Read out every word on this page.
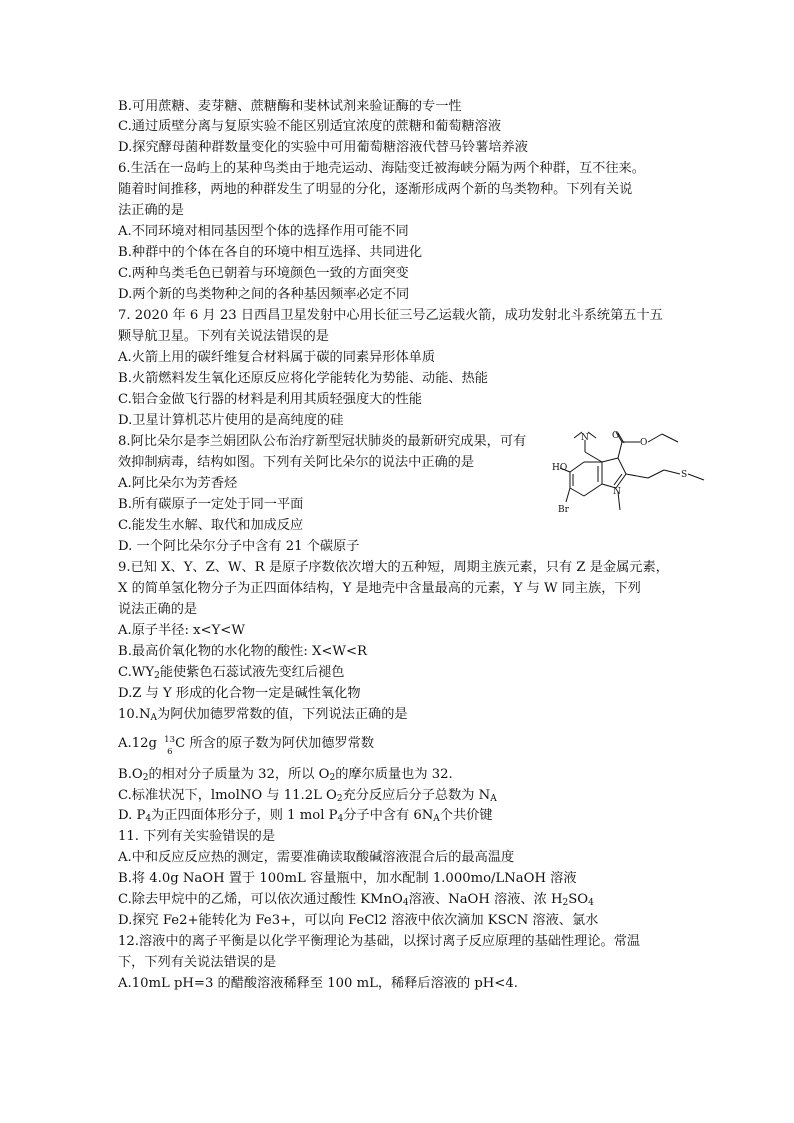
B.可用蔗糖、麦芽糖、蔗糖酶和斐林试剂来验证酶的专一性
C.通过质壁分离与复原实验不能区别适宜浓度的蔗糖和葡萄糖溶液
D.探究酵母菌种群数量变化的实验中可用葡萄糖溶液代替马铃薯培养液
6.生活在一岛屿上的某种鸟类由于地壳运动、海陆变迁被海峡分隔为两个种群，互不往来。
随着时间推移，两地的种群发生了明显的分化，逐渐形成两个新的鸟类物种。下列有关说
法正确的是
A.不同环境对相同基因型个体的选择作用可能不同
B.种群中的个体在各自的环境中相互选择、共同进化
C.两种鸟类毛色已朝着与环境颜色一致的方面突变
D.两个新的鸟类物种之间的各种基因频率必定不同
7. 2020 年 6 月 23 日西昌卫星发射中心用长征三号乙运载火箭，成功发射北斗系统第五十五
颗导航卫星。下列有关说法错误的是
A.火箭上用的碳纤维复合材料属于碳的同素异形体单质
B.火箭燃料发生氧化还原反应将化学能转化为势能、动能、热能
C.铝合金做飞行器的材料是利用其质轻强度大的性能
D.卫星计算机芯片使用的是高纯度的硅
8.阿比朵尔是李兰娟团队公布治疗新型冠状肺炎的最新研究成果，可有
效抑制病毒，结构如图。下列有关阿比朵尔的说法中正确的是
A.阿比朵尔为芳香烃
B.所有碳原子一定处于同一平面
C.能发生水解、取代和加成反应
D. 一个阿比朵尔分子中含有 21 个碳原子
9.已知 X、Y、Z、W、R 是原子序数依次增大的五种短，周期主族元素，只有 Z 是金属元素，
X 的简单氢化物分子为正四面体结构，Y 是地壳中含量最高的元素，Y 与 W 同主族，下列
说法正确的是
A.原子半径: x<Y<W
B.最高价氧化物的水化物的酸性: X<W<R
$C.WY_2$能使紫色石蕊试液先变红后褪色
D.Z 与 Y 形成的化合物一定是碱性氧化物
$10.N_A$为阿伏加德罗常数的值，下列说法正确的是
A.12g 13
6
C 所含的原子数为阿伏加德罗常数
$B.O_2$的相对分子质量为 32，所以 $O_2$的摩尔质量也为 32.
C.标准状况下，lmolNO 与 11.2L $O_2$充分反应后分子总数为 $N_A$
D. $P_4$为正四面体形分子，则 1 mol $P_4$分子中含有 $6N_A$个共价键
11. 下列有关实验错误的是
A.中和反应反应热的测定，需要准确读取酸碱溶液混合后的最高温度
B.将 4.0g NaOH 置于 100mL 容量瓶中，加水配制 1.000mo/LNaOH 溶液
C.除去甲烷中的乙烯，可以依次通过酸性 KMnO$_4$溶液、NaOH 溶液、浓 $H_2SO_4$
D.探究 Fe2+能转化为 Fe3+，可以向 FeCl2 溶液中依次滴加 KSCN 溶液、氯水
12.溶液中的离子平衡是以化学平衡理论为基础，以探讨离子反应原理的基础性理论。常温
下，下列有关说法错误的是
A.10mL pH=3 的醋酸溶液稀释至 100 mL，稀释后溶液的 pH<4.
N
HO
Br
N
S
O
O
